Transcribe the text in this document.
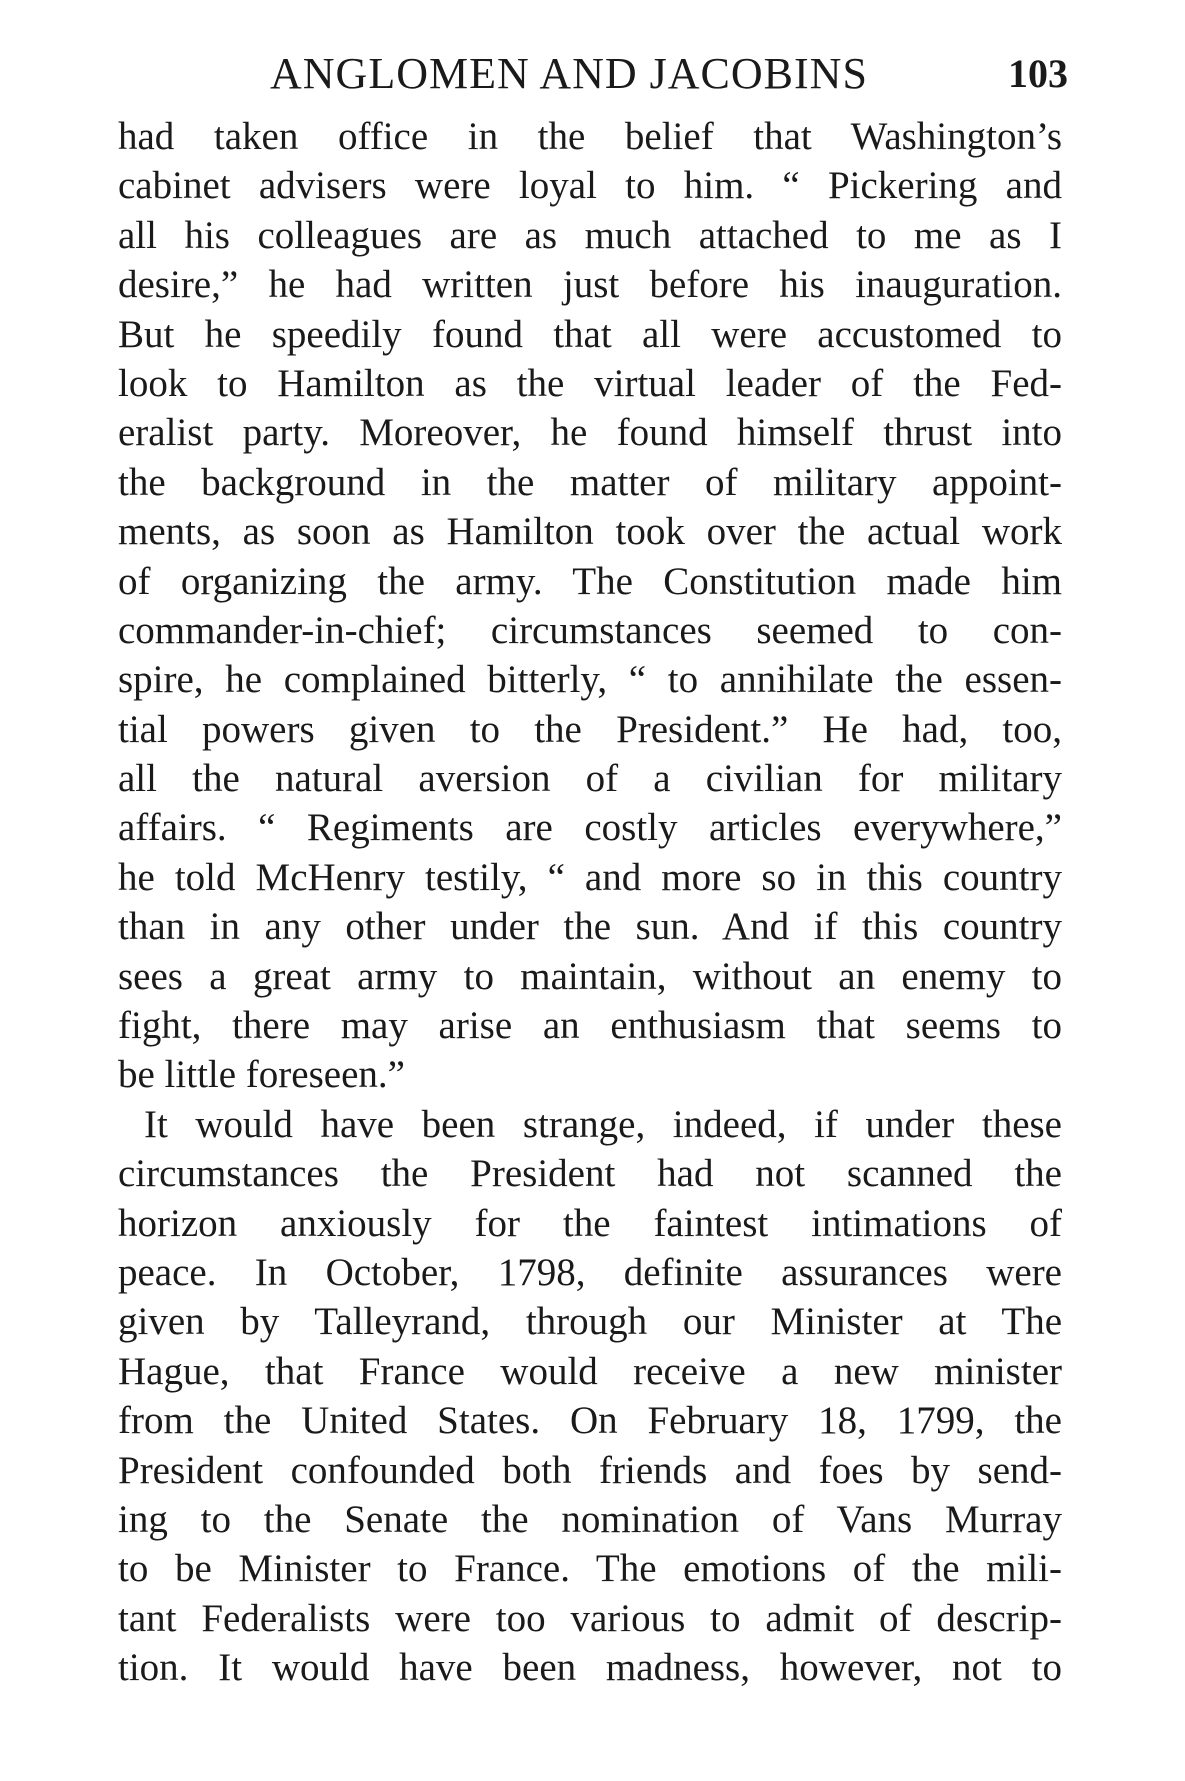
ANGLOMEN AND JACOBINS	103
had taken office in the belief that Washington’s
cabinet advisers were loyal to him. “ Pickering and
all his colleagues are as much attached to me as I
desire,” he had written just before his inauguration.
But he speedily found that all were accustomed to
look to Hamilton as the virtual leader of the Fed-
eralist party. Moreover, he found himself thrust into
the background in the matter of military appoint-
ments, as soon as Hamilton took over the actual work
of organizing the army. The Constitution made him
commander-in-chief; circumstances seemed to con-
spire, he complained bitterly, “ to annihilate the essen-
tial powers given to the President.” He had, too,
all the natural aversion of a civilian for military
affairs. “ Regiments are costly articles everywhere,”
he told McHenry testily, “ and more so in this country
than in any other under the sun. And if this country
sees a great army to maintain, without an enemy to
fight, there may arise an enthusiasm that seems to
be little foreseen.”
It would have been strange, indeed, if under these
circumstances the President had not scanned the
horizon anxiously for the faintest intimations of
peace. In October, 1798, definite assurances were
given by Talleyrand, through our Minister at The
Hague, that France would receive a new minister
from the United States. On February 18, 1799, the
President confounded both friends and foes by send-
ing to the Senate the nomination of Vans Murray
to be Minister to France. The emotions of the mili-
tant Federalists were too various to admit of descrip-
tion. It would have been madness, however, not to
